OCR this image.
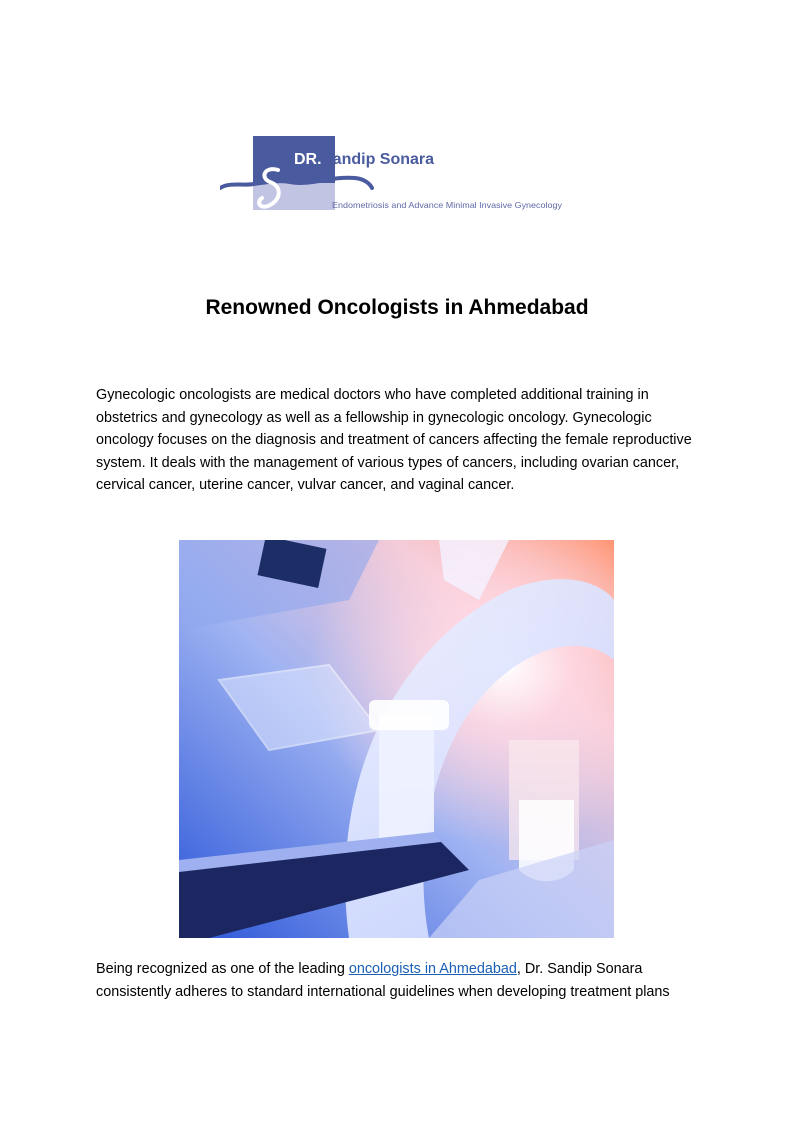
DR. Sandip Sonara
Endometriosis and Advance Minimal Invasive Gynecology
Renowned Oncologists in Ahmedabad

Gynecologic oncologists are medical doctors who have completed additional training in obstetrics and gynecology as well as a fellowship in gynecologic oncology. Gynecologic oncology focuses on the diagnosis and treatment of cancers affecting the female reproductive system. It deals with the management of various types of cancers, including ovarian cancer, cervical cancer, uterine cancer, vulvar cancer, and vaginal cancer.

Being recognized as one of the leading oncologists in Ahmedabad, Dr. Sandip Sonara consistently adheres to standard international guidelines when developing treatment plans
